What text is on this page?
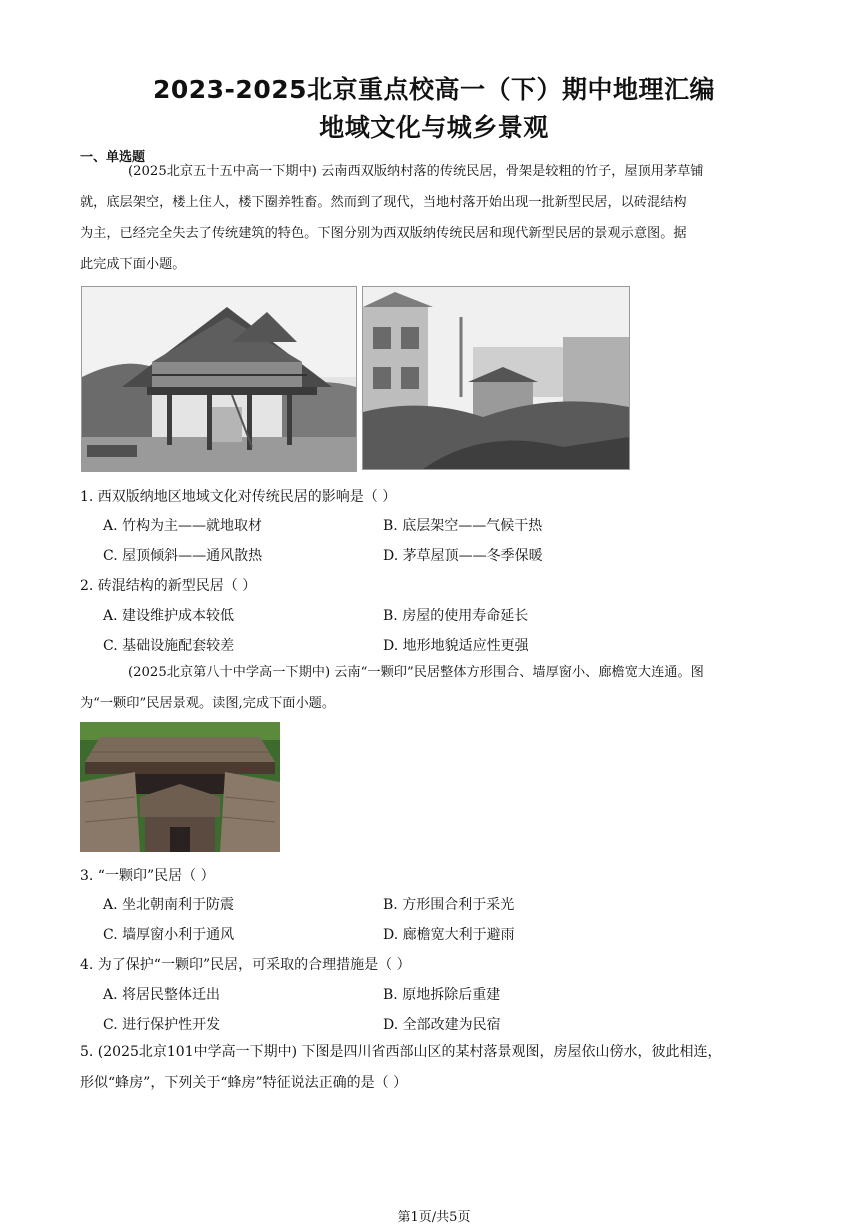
2023-2025北京重点校高一（下）期中地理汇编
地域文化与城乡景观
一、单选题
(2025北京五十五中高一下期中) 云南西双版纳村落的传统民居，骨架是较粗的竹子，屋顶用茅草铺
就，底层架空，楼上住人，楼下圈养牲畜。然而到了现代，当地村落开始出现一批新型民居，以砖混结构
为主，已经完全失去了传统建筑的特色。下图分别为西双版纳传统民居和现代新型民居的景观示意图。据
此完成下面小题。
1. 西双版纳地区地域文化对传统民居的影响是（ ）
A. 竹构为主——就地取材	B. 底层架空——气候干热
C. 屋顶倾斜——通风散热	D. 茅草屋顶——冬季保暖
2. 砖混结构的新型民居（ ）
A. 建设维护成本较低	B. 房屋的使用寿命延长
C. 基础设施配套较差	D. 地形地貌适应性更强
(2025北京第八十中学高一下期中) 云南“一颗印”民居整体方形围合、墙厚窗小、廊檐宽大连通。图
为“一颗印”民居景观。读图,完成下面小题。
3. “一颗印”民居（ ）
A. 坐北朝南利于防震	B. 方形围合利于采光
C. 墙厚窗小利于通风	D. 廊檐宽大利于避雨
4. 为了保护“一颗印”民居，可采取的合理措施是（ ）
A. 将居民整体迁出	B. 原地拆除后重建
C. 进行保护性开发	D. 全部改建为民宿
5. (2025北京101中学高一下期中) 下图是四川省西部山区的某村落景观图，房屋依山傍水，彼此相连，
形似“蜂房”，下列关于“蜂房”特征说法正确的是（ ）
第1页/共5页
